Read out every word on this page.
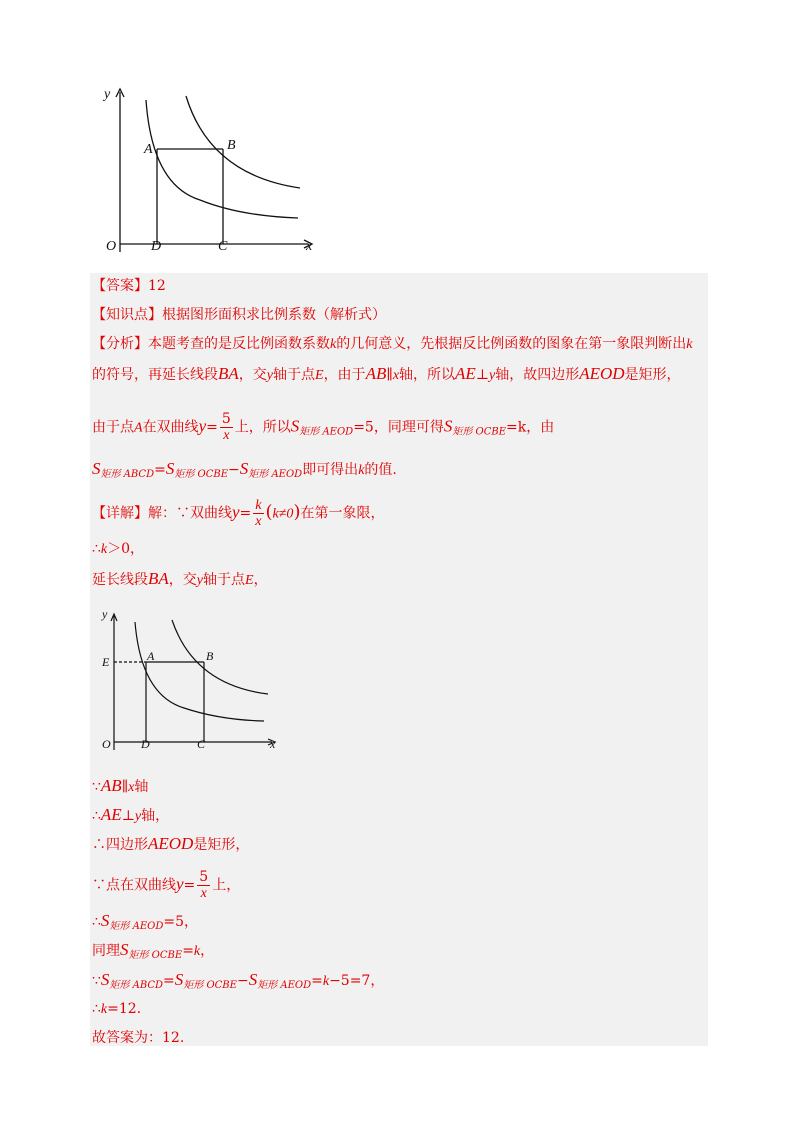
y
x
O
A	B
C
D
【答案】12
【知识点】根据图形面积求比例系数（解析式）
【分析】本题考查的是反比例函数系数k的几何意义，先根据反比例函数的图象在第一象限判断出k
的符号，再延长线段BA，交y轴于点E，由于AB∥x轴，所以AE⊥y轴，故四边形AEOD是矩形，
由于点A在双曲线$y= \frac{5}{x}$ 上，所以$S_{矩形 AEOD}=5$，同理可得$S_{矩形 OCBE}=k$，由
$S_{矩形 ABCD}=S_{矩形 OCBE}-S_{矩形 AEOD}$即可得出k的值.
【详解】解：∵双曲线$y= \frac{k}{x} (k\ne 0)$在第一象限，
∴k＞0，
延长线段BA，交y轴于点E，
y
x
O
E	A	B
C
D
∵AB∥x轴
∴AE⊥y轴，
∴四边形AEOD是矩形，
∵点在双曲线$y= \frac{5}{x}$ 上，
$\therefore S_{矩形 AEOD}=5$，
同理$S_{矩形 OCBE}=k$，
$\because S_{矩形 ABCD}=S_{矩形 OCBE}-S_{矩形 AEOD}=k-5=7$，
∴k=12.
故答案为：12.
